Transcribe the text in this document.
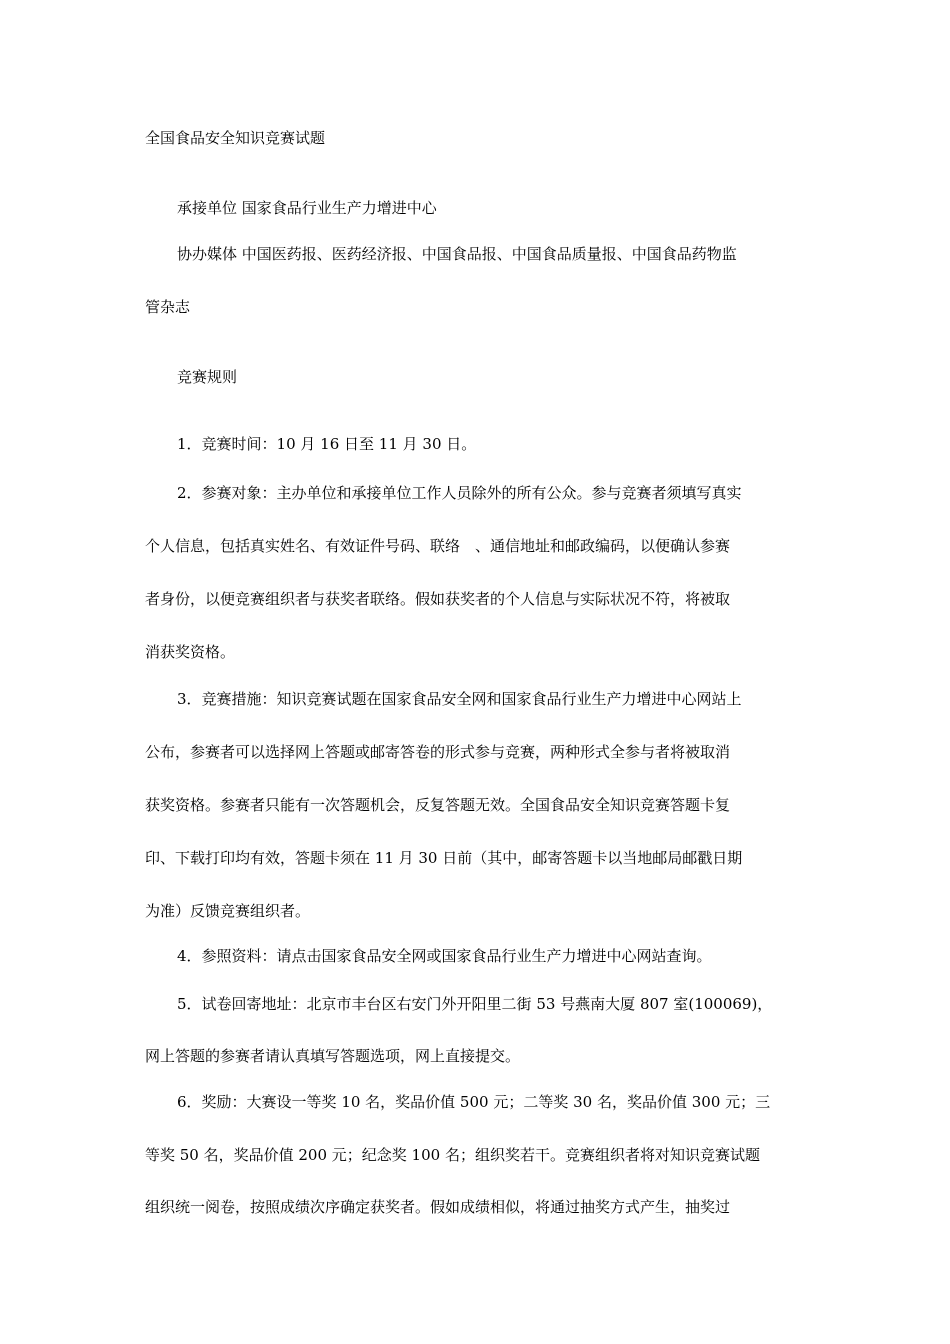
全国食品安全知识竞赛试题

承接单位 国家食品行业生产力增进中心

协办媒体 中国医药报、医药经济报、中国食品报、中国食品质量报、中国食品药物监

管杂志

竞赛规则

1．竞赛时间：10 月 16 日至 11 月 30 日。

2．参赛对象：主办单位和承接单位工作人员除外的所有公众。参与竞赛者须填写真实

个人信息，包括真实姓名、有效证件号码、联络　、通信地址和邮政编码，以便确认参赛

者身份，以便竞赛组织者与获奖者联络。假如获奖者的个人信息与实际状况不符，将被取

消获奖资格。

3．竞赛措施：知识竞赛试题在国家食品安全网和国家食品行业生产力增进中心网站上

公布，参赛者可以选择网上答题或邮寄答卷的形式参与竞赛，两种形式全参与者将被取消

获奖资格。参赛者只能有一次答题机会，反复答题无效。全国食品安全知识竞赛答题卡复

印、下载打印均有效，答题卡须在 11 月 30 日前（其中，邮寄答题卡以当地邮局邮戳日期

为准）反馈竞赛组织者。

4．参照资料：请点击国家食品安全网或国家食品行业生产力增进中心网站查询。

5．试卷回寄地址：北京市丰台区右安门外开阳里二街 53 号燕南大厦 807 室(100069)，

网上答题的参赛者请认真填写答题选项，网上直接提交。

6．奖励：大赛设一等奖 10 名，奖品价值 500 元；二等奖 30 名，奖品价值 300 元；三

等奖 50 名，奖品价值 200 元；纪念奖 100 名；组织奖若干。竞赛组织者将对知识竞赛试题

组织统一阅卷，按照成绩次序确定获奖者。假如成绩相似，将通过抽奖方式产生，抽奖过
